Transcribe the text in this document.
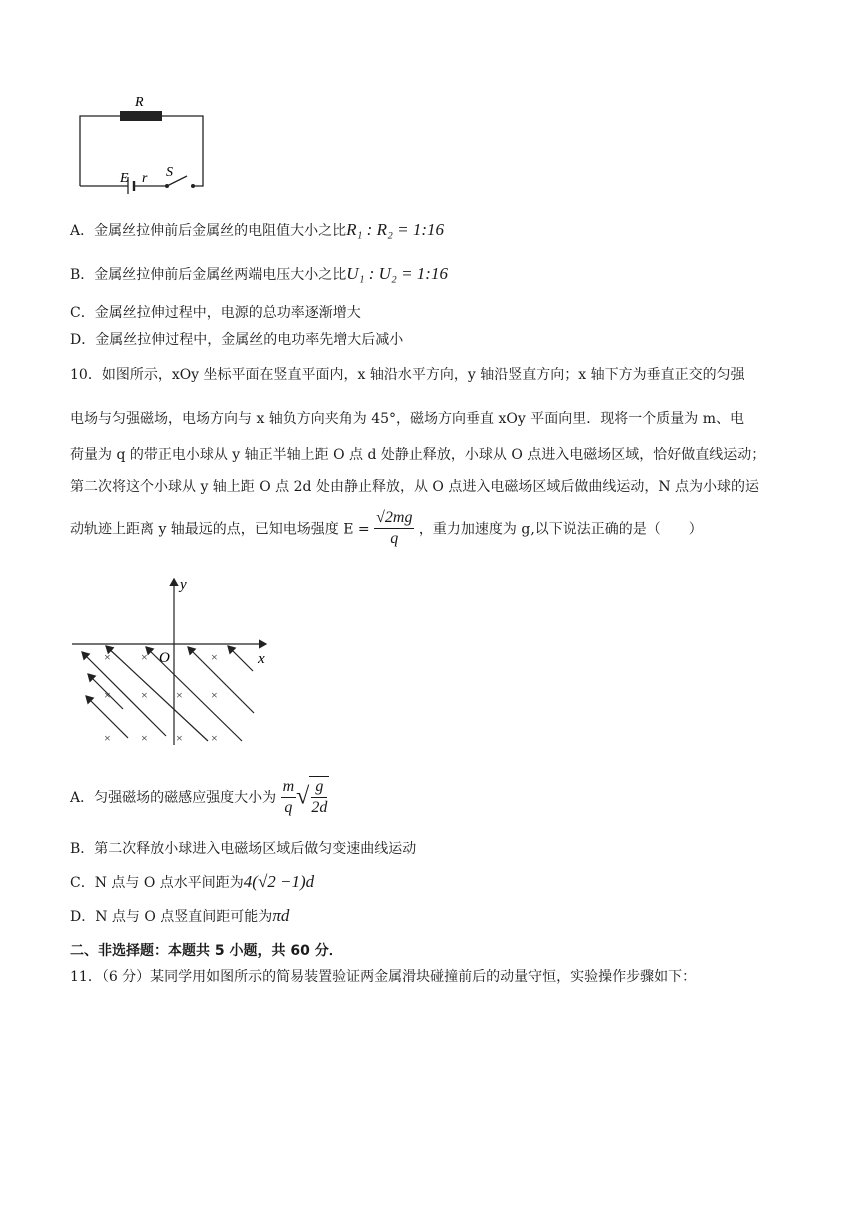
R
E r S
A．金属丝拉伸前后金属丝的电阻值大小之比R₁ : R₂ = 1:16
B．金属丝拉伸前后金属丝两端电压大小之比U₁ : U₂ = 1:16
C．金属丝拉伸过程中，电源的总功率逐渐增大
D．金属丝拉伸过程中，金属丝的电功率先增大后减小
10．如图所示，xOy 坐标平面在竖直平面内，x 轴沿水平方向，y 轴沿竖直方向；x 轴下方为垂直正交的匀强
电场与匀强磁场，电场方向与 x 轴负方向夹角为 45°，磁场方向垂直 xOy 平面向里．现将一个质量为 m、电
荷量为 q 的带正电小球从 y 轴正半轴上距 O 点 d 处静止释放，小球从 O 点进入电磁场区域，恰好做直线运动；
第二次将这个小球从 y 轴上距 O 点 2d 处由静止释放，从 O 点进入电磁场区域后做曲线运动，N 点为小球的运
动轨迹上距离 y 轴最远的点，已知电场强度 $E = \frac{√2mg}{q}$ ，重力加速度为 g,以下说法正确的是（　　）
×	×	×
×	× × ×
×	× × ×
y
x
O
A．匀强磁场的磁感应强度大小为 $\frac{m}{q}$ √ $\frac{g}{2d}$
B．第二次释放小球进入电磁场区域后做匀变速曲线运动
C．N 点与 O 点水平间距为4(√2 −1)d
D．N 点与 O 点竖直间距可能为πd
二、非选择题：本题共 5 小题，共 60 分．
11．（6 分）某同学用如图所示的简易装置验证两金属滑块碰撞前后的动量守恒，实验操作步骤如下：
